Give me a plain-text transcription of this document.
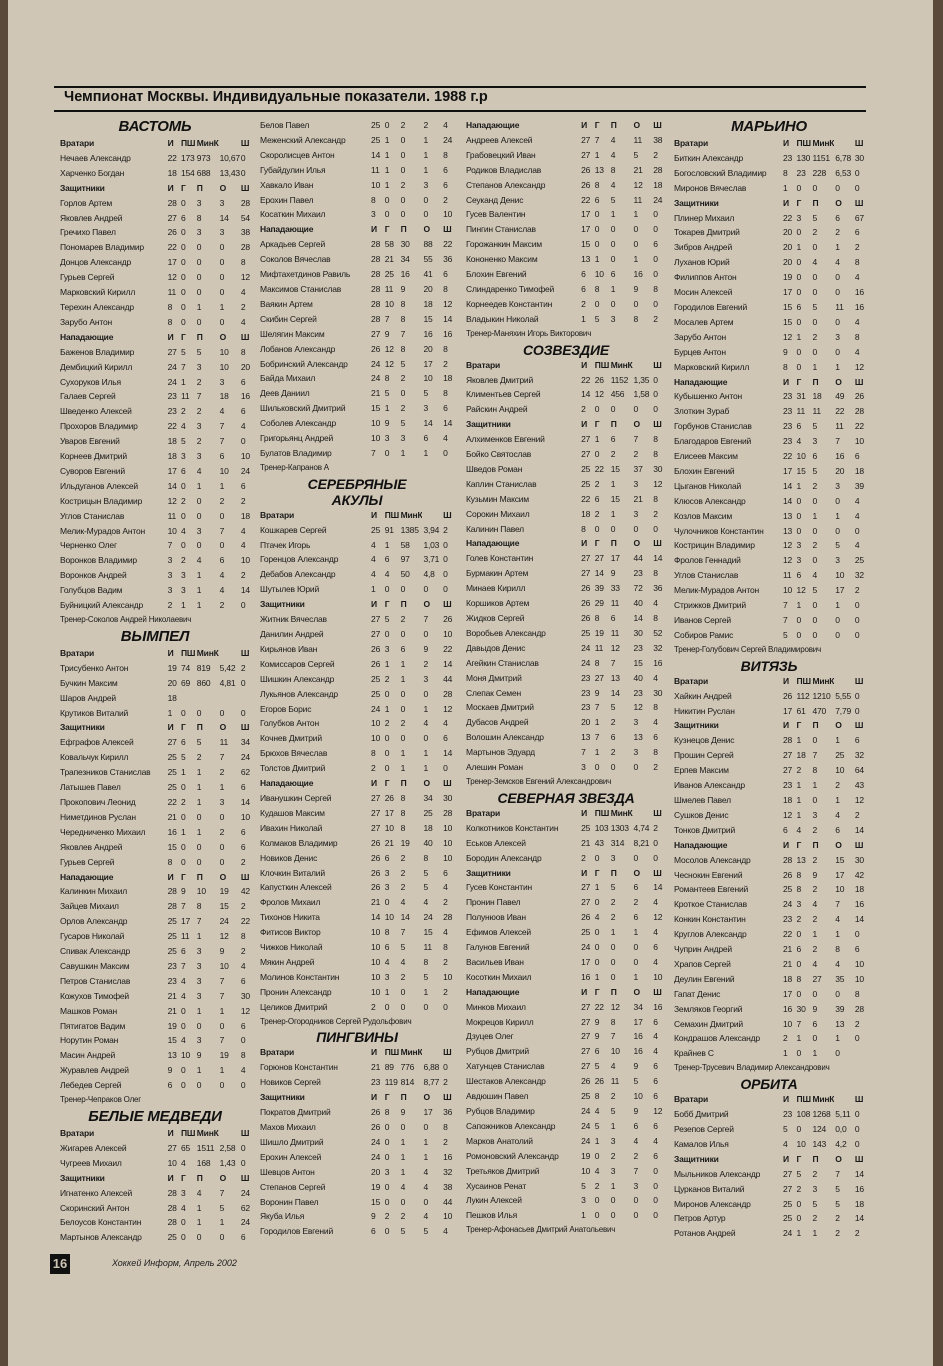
Чемпионат Москвы. Индивидуальные показатели. 1988 г.р
ВАСТОМЬ					
Вратари	И	ПШ	МинК		Ш
Нечаев Александр	22	173	973	10,67	0
Харченко Богдан	18	154	688	13,43	0
Защитники	И	Г	П	О	Ш
Горлов Артем	28	0	3	3	28
Яковлев Андрей	27	6	8	14	54
Гречихо Павел	26	0	3	3	38
Пономарев Владимир	22	0	0	0	28
Донцов Александр	17	0	0	0	8
Гурьев Сергей	12	0	0	0	12
Марковский Кирилл	11	0	0	0	4
Терехин Александр	8	0	1	1	2
Зарубо Антон	8	0	0	0	4
Нападающие	И	Г	П	О	Ш
Баженов Владимир	27	5	5	10	8
Дембицкий Кирилл	24	7	3	10	20
Сухоруков Илья	24	1	2	3	6
Галаев Сергей	23	11	7	18	16
Шведенко Алексей	23	2	2	4	6
Прохоров Владимир	22	4	3	7	4
Уваров Евгений	18	5	2	7	0
Корнеев Дмитрий	18	3	3	6	10
Суворов Евгений	17	6	4	10	24
Ильдуганов Алексей	14	0	1	1	6
Кострицын Владимир	12	2	0	2	2
Углов Станислав	11	0	0	0	18
Мелик-Мурадов Антон	10	4	3	7	4
Черненко Олег	7	0	0	0	4
Воронков Владимир	3	2	4	6	10
Воронков Андрей	3	3	1	4	2
Голубцов Вадим	3	3	1	4	14
Буйницкий Александр	2	1	1	2	0
Тренер-Соколов Андрей Николаевич					
ВЫМПЕЛ					
Вратари	И	ПШ	МинК		Ш
Трисубенко Антон	19	74	819	5,42	2
Бучкин Максим	20	69	860	4,81	0
Шаров Андрей	18				
Крутиков Виталий	1	0	0	0	0
Защитники	И	Г	П	О	Ш
Ефграфов Алексей	27	6	5	11	34
Ковальчук Кирилл	25	5	2	7	24
Трапезников Станислав	25	1	1	2	62
Латышев Павел	25	0	1	1	6
Прокопович Леонид	22	2	1	3	14
Ниметдинов Руслан	21	0	0	0	10
Чередниченко Михаил	16	1	1	2	6
Яковлев Андрей	15	0	0	0	6
Гурьев Сергей	8	0	0	0	2
Нападающие	И	Г	П	О	Ш
Калинкин Михаил	28	9	10	19	42
Зайцев Михаил	28	7	8	15	2
Орлов Александр	25	17	7	24	22
Гусаров Николай	25	11	1	12	8
Спивак Александр	25	6	3	9	2
Савушкин Максим	23	7	3	10	4
Петров Станислав	23	4	3	7	6
Кожухов Тимофей	21	4	3	7	30
Машков Роман	21	0	1	1	12
Пятигатов Вадим	19	0	0	0	6
Норутин Роман	15	4	3	7	0
Масин Андрей	13	10	9	19	8
Журавлев Андрей	9	0	1	1	4
Лебедев Сергей	6	0	0	0	0
Тренер-Чепраков Олег					
БЕЛЫЕ МЕДВЕДИ					
Вратари	И	ПШ	МинК		Ш
Жигарев Алексей	27	65	1511	2,58	0
Чугреев Михаил	10	4	168	1,43	0
Защитники	И	Г	П	О	Ш
Игнатенко Алексей	28	3	4	7	24
Скоринский Антон	28	4	1	5	62
Белоусов Константин	28	0	1	1	24
Мартынов Александр	25	0	0	0	6
Белов Павел	25	0	2	2	4
Меженский Александр	25	1	0	1	24
Скоролисцев Антон	14	1	0	1	8
Губайдулин Илья	11	1	0	1	6
Хавкало Иван	10	1	2	3	6
Ерохин Павел	8	0	0	0	2
Косаткин Михаил	3	0	0	0	10
Нападающие	И	Г	П	О	Ш
Аркадьев Сергей	28	58	30	88	22
Соколов Вячеслав	28	21	34	55	36
Мифтахетдинов Равиль	28	25	16	41	6
Максимов Станислав	28	11	9	20	8
Ваякин Артем	28	10	8	18	12
Скибин Сергей	28	7	8	15	14
Шелягин Максим	27	9	7	16	16
Лобанов Александр	26	12	8	20	8
Бобринский Александр	24	12	5	17	2
Байда Михаил	24	8	2	10	18
Деев Даниил	21	5	0	5	8
Шильковский Дмитрий	15	1	2	3	6
Соболев Александр	10	9	5	14	14
Григорьянц Андрей	10	3	3	6	4
Булатов Владимир	7	0	1	1	0
Тренер-Капранов А					
СЕРЕБРЯНЫЕ					
АКУЛЫ					
Вратари	И	ПШ	МинК		Ш
Кошкарев Сергей	25	91	1385	3,94	2
Птачек Игорь	4	1	58	1,03	0
Горенцов Александр	4	6	97	3,71	0
Дебабов Александр	4	4	50	4,8	0
Шутылев Юрий	1	0	0	0	0
Защитники	И	Г	П	О	Ш
Житник Вячеслав	27	5	2	7	26
Данилин Андрей	27	0	0	0	10
Кирьянов Иван	26	3	6	9	22
Комиссаров Сергей	26	1	1	2	14
Шишкин Александр	25	2	1	3	44
Лукьянов Александр	25	0	0	0	28
Егоров Борис	24	1	0	1	12
Голубков Антон	10	2	2	4	4
Кочнев Дмитрий	10	0	0	0	6
Брюхов Вячеслав	8	0	1	1	14
Толстов Дмитрий	2	0	1	1	0
Нападающие	И	Г	П	О	Ш
Иванушкин Сергей	27	26	8	34	30
Кудашов Максим	27	17	8	25	28
Ивахин Николай	27	10	8	18	10
Колмаков Владимир	26	21	19	40	10
Новиков Денис	26	6	2	8	10
Клочкин Виталий	26	3	2	5	6
Капусткин Алексей	26	3	2	5	4
Фролов Михаил	21	0	4	4	2
Тихонов Никита	14	10	14	24	28
Фитисов Виктор	10	8	7	15	4
Чижков Николай	10	6	5	11	8
Мякин Андрей	10	4	4	8	2
Молинов Константин	10	3	2	5	10
Пронин Александр	10	1	0	1	2
Целиков Дмитрий	2	0	0	0	0
Тренер-Огородников Сергей Рудольфович					
ПИНГВИНЫ					
Вратари	И	ПШ	МинК		Ш
Горюнов Константин	21	89	776	6,88	0
Новиков Сергей	23	119	814	8,77	2
Защитники	И	Г	П	О	Ш
Пократов Дмитрий	26	8	9	17	36
Махов Михаил	26	0	0	0	8
Шишло Дмитрий	24	0	1	1	2
Ерохин Алексей	24	0	1	1	16
Шевцов Антон	20	3	1	4	32
Степанов Сергей	19	0	4	4	38
Воронин Павел	15	0	0	0	44
Якуба Илья	9	2	2	4	10
Городилов Евгений	6	0	5	5	4
Нападающие	И	Г	П	О	Ш
Андреев Алексей	27	7	4	11	38
Грабовецкий Иван	27	1	4	5	2
Родиков Владислав	26	13	8	21	28
Степанов Александр	26	8	4	12	18
Сеуканд Денис	22	6	5	11	24
Гусев Валентин	17	0	1	1	0
Пингин Станислав	17	0	0	0	0
Горожанкин Максим	15	0	0	0	6
Кононенко Максим	13	1	0	1	0
Блохин Евгений	6	10	6	16	0
Слиндаренко Тимофей	6	8	1	9	8
Корнеедев Константин	2	0	0	0	0
Владыкин Николай	1	5	3	8	2
Тренер-Маняхин Игорь Викторович					
СОЗВЕЗДИЕ					
Вратари	И	ПШ	МинК		Ш
Яковлев Дмитрий	22	26	1152	1,35	0
Климентьев Сергей	14	12	456	1,58	0
Райскин Андрей	2	0	0	0	0
Защитники	И	Г	П	О	Ш
Алхименков Евгений	27	1	6	7	8
Бойко Святослав	27	0	2	2	8
Шведов Роман	25	22	15	37	30
Каплин Станислав	25	2	1	3	12
Кузьмин Максим	22	6	15	21	8
Сорокин Михаил	18	2	1	3	2
Калинин Павел	8	0	0	0	0
Нападающие	И	Г	П	О	Ш
Голев Константин	27	27	17	44	14
Бурмакин Артем	27	14	9	23	8
Минаев Кирилл	26	39	33	72	36
Коршиков Артем	26	29	11	40	4
Жидков Сергей	26	8	6	14	8
Воробьев Александр	25	19	11	30	52
Давыдов Денис	24	11	12	23	32
Агейкин Станислав	24	8	7	15	16
Моня Дмитрий	23	27	13	40	4
Слепак Семен	23	9	14	23	30
Москаев Дмитрий	23	7	5	12	8
Дубасов Андрей	20	1	2	3	4
Волошин Александр	13	7	6	13	6
Мартынов Эдуард	7	1	2	3	8
Алешин Роман	3	0	0	0	2
Тренер-Земсков Евгений Александрович					
СЕВЕРНАЯ ЗВЕЗДА					
Вратари	И	ПШ	МинК		Ш
Колкотников Константин	25	103	1303	4,74	2
Еськов Алексей	21	43	314	8,21	0
Бородин Александр	2	0	3	0	0
Защитники	И	Г	П	О	Ш
Гусев Константин	27	1	5	6	14
Пронин Павел	27	0	2	2	4
Полунюов Иван	26	4	2	6	12
Ефимов Алексей	25	0	1	1	4
Галунов Евгений	24	0	0	0	6
Васильев Иван	17	0	0	0	4
Косоткин Михаил	16	1	0	1	10
Нападающие	И	Г	П	О	Ш
Минков Михаил	27	22	12	34	16
Мокрецов Кирилл	27	9	8	17	6
Дзуцев Олег	27	9	7	16	4
Рубцов Дмитрий	27	6	10	16	4
Хатунцев Станислав	27	5	4	9	6
Шестаков Александр	26	26	11	5	6
Авдюшин Павел	25	8	2	10	6
Рубцов Владимир	24	4	5	9	12
Сапожников Александр	24	5	1	6	6
Марков Анатолий	24	1	3	4	4
Ромоновский Александр	19	0	2	2	6
Третьяков Дмитрий	10	4	3	7	0
Хусаинов Ренат	5	2	1	3	0
Лукин Алексей	3	0	0	0	0
Пешков Илья	1	0	0	0	0
Тренер-Афонасьев Дмитрий Анатольевич					
МАРЬИНО					
Вратари	И	ПШ	МинК		Ш
Биткин Александр	23	130	1151	6,78	30
Богословский Владимир	8	23	228	6,53	0
Миронов Вячеслав	1	0	0	0	0
Защитники	И	Г	П	О	Ш
Плинер Михаил	22	3	5	6	67
Токарев Дмитрий	20	0	2	2	6
Зибров Андрей	20	1	0	1	2
Луханов Юрий	20	0	4	4	8
Филиппов Антон	19	0	0	0	4
Мосин Алексей	17	0	0	0	16
Городилов Евгений	15	6	5	11	16
Мосалев Артем	15	0	0	0	4
Зарубо Антон	12	1	2	3	8
Бурцев Антон	9	0	0	0	4
Марковский Кирилл	8	0	1	1	12
Нападающие	И	Г	П	О	Ш
Кубышенко Антон	23	31	18	49	26
Злоткин Зураб	23	11	11	22	28
Горбунов Станислав	23	6	5	11	22
Благодаров Евгений	23	4	3	7	10
Елисеев Максим	22	10	6	16	6
Блохин Евгений	17	15	5	20	18
Цыганов Николай	14	1	2	3	39
Клюсов Александр	14	0	0	0	4
Козлов Максим	13	0	1	1	4
Чулочников Константин	13	0	0	0	0
Кострицин Владимир	12	3	2	5	4
Фролов Геннадий	12	3	0	3	25
Углов Станислав	11	6	4	10	32
Мелик-Мурадов Антон	10	12	5	17	2
Стрижков Дмитрий	7	1	0	1	0
Иванов Сергей	7	0	0	0	0
Собиров Рамис	5	0	0	0	0
Тренер-Голубович Сергей Владимирович					
ВИТЯЗЬ					
Вратари	И	ПШ	МинК		Ш
Хайкин Андрей	26	112	1210	5,55	0
Никитин Руслан	17	61	470	7,79	0
Защитники	И	Г	П	О	Ш
Кузнецов Денис	28	1	0	1	6
Прошин Сергей	27	18	7	25	32
Ерпев Максим	27	2	8	10	64
Иванов Александр	23	1	1	2	43
Шмелев Павел	18	1	0	1	12
Сушков Денис	12	1	3	4	2
Тонков Дмитрий	6	4	2	6	14
Нападающие	И	Г	П	О	Ш
Мосолов Александр	28	13	2	15	30
Чеснокин Евгений	26	8	9	17	42
Романтеев Евгений	25	8	2	10	18
Кроткое Станислав	24	3	4	7	16
Конкин Константин	23	2	2	4	14
Круглов Александр	22	0	1	1	0
Чуприн Андрей	21	6	2	8	6
Храпов Сергей	21	0	4	4	10
Деулин Евгений	18	8	27	35	10
Гапат Денис	17	0	0	0	8
Земляков Георгий	16	30	9	39	28
Семахин Дмитрий	10	7	6	13	2
Кондрашов Александр	2	1	0	1	0
Крайнев С	1	0	1	0	
Тренер-Трусевич Владимир Александрович					
ОРБИТА					
Вратари	И	ПШ	МинК		Ш
Бобб Дмитрий	23	108	1268	5,11	0
Резепов Сергей	5	0	124	0,0	0
Камалов Илья	4	10	143	4,2	0
Защитники	И	Г	П	О	Ш
Мыльников Александр	27	5	2	7	14
Цурканов Виталий	27	2	3	5	16
Миронов Александр	25	0	5	5	18
Петров Артур	25	0	2	2	14
Ротанов Андрей	24	1	1	2	2
16	Хоккей Информ, Апрель 2002
